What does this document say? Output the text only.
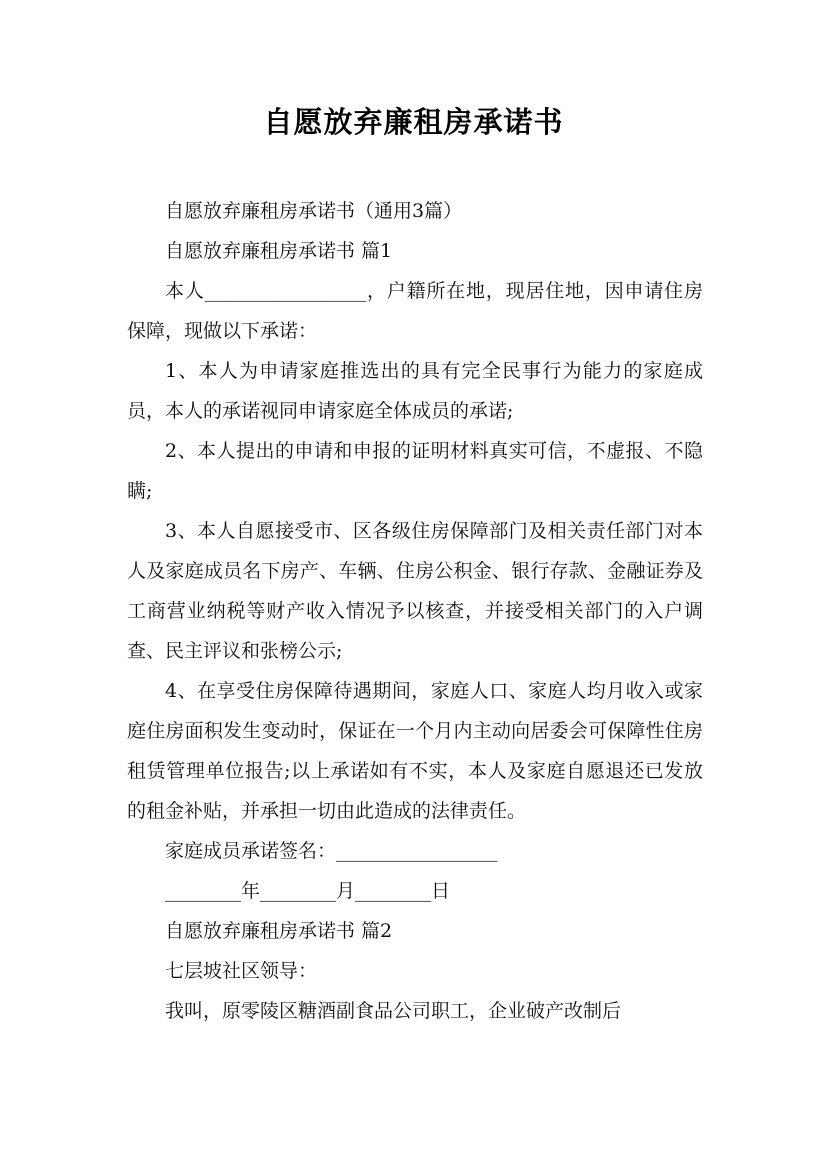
自愿放弃廉租房承诺书

自愿放弃廉租房承诺书（通用3篇）

自愿放弃廉租房承诺书 篇1

本人_________________，户籍所在地，现居住地，因申请住房保障，现做以下承诺：

1、本人为申请家庭推选出的具有完全民事行为能力的家庭成员，本人的承诺视同申请家庭全体成员的承诺;

2、本人提出的申请和申报的证明材料真实可信，不虚报、不隐瞒;

3、本人自愿接受市、区各级住房保障部门及相关责任部门对本人及家庭成员名下房产、车辆、住房公积金、银行存款、金融证券及工商营业纳税等财产收入情况予以核查，并接受相关部门的入户调查、民主评议和张榜公示;

4、在享受住房保障待遇期间，家庭人口、家庭人均月收入或家庭住房面积发生变动时，保证在一个月内主动向居委会可保障性住房租赁管理单位报告;以上承诺如有不实，本人及家庭自愿退还已发放的租金补贴，并承担一切由此造成的法律责任。

家庭成员承诺签名：_________________

________年________月________日

自愿放弃廉租房承诺书 篇2

七层坡社区领导：

我叫，原零陵区糖酒副食品公司职工，企业破产改制后
